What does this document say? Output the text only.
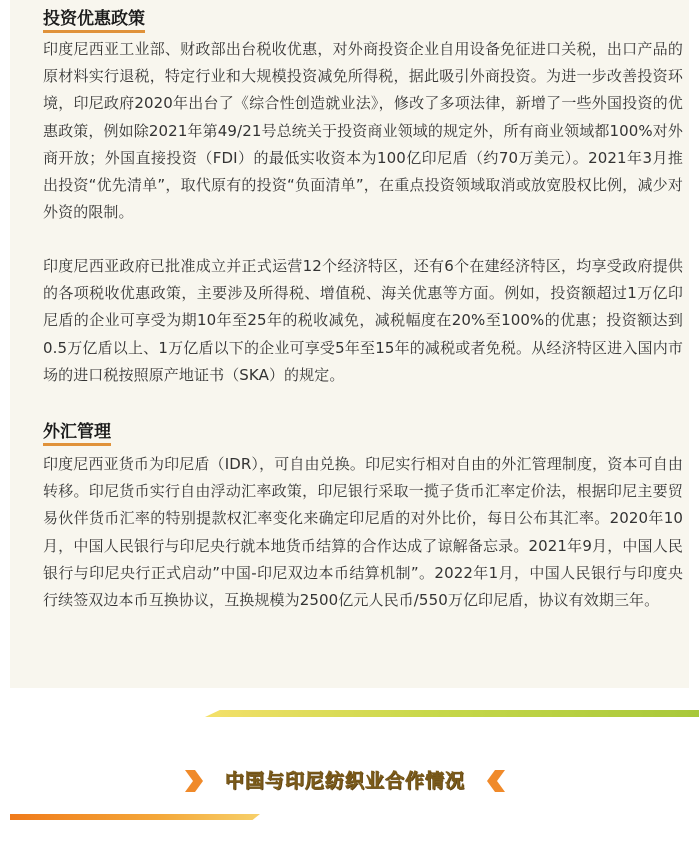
投资优惠政策
印度尼西亚工业部、财政部出台税收优惠，对外商投资企业自用设备免征进口关税，出口产品的原材料实行退税，特定行业和大规模投资减免所得税，据此吸引外商投资。为进一步改善投资环境，印尼政府2020年出台了《综合性创造就业法》，修改了多项法律，新增了一些外国投资的优惠政策，例如除2021年第49/21号总统关于投资商业领域的规定外，所有商业领域都100%对外商开放；外国直接投资（FDI）的最低实收资本为100亿印尼盾（约70万美元）。2021年3月推出投资“优先清单”，取代原有的投资“负面清单”，在重点投资领域取消或放宽股权比例，减少对外资的限制。
印度尼西亚政府已批准成立并正式运营12个经济特区，还有6个在建经济特区，均享受政府提供的各项税收优惠政策，主要涉及所得税、增值税、海关优惠等方面。例如，投资额超过1万亿印尼盾的企业可享受为期10年至25年的税收减免，减税幅度在20%至100%的优惠；投资额达到0.5万亿盾以上、1万亿盾以下的企业可享受5年至15年的减税或者免税。从经济特区进入国内市场的进口税按照原产地证书（SKA）的规定。
外汇管理
印度尼西亚货币为印尼盾（IDR），可自由兑换。印尼实行相对自由的外汇管理制度，资本可自由转移。印尼货币实行自由浮动汇率政策，印尼银行采取一揽子货币汇率定价法，根据印尼主要贸易伙伴货币汇率的特别提款权汇率变化来确定印尼盾的对外比价，每日公布其汇率。2020年10月，中国人民银行与印尼央行就本地货币结算的合作达成了谅解备忘录。2021年9月，中国人民银行与印尼央行正式启动”中国-印尼双边本币结算机制”。2022年1月，中国人民银行与印度央行续签双边本币互换协议，互换规模为2500亿元人民币/550万亿印尼盾，协议有效期三年。
中国与印尼纺织业合作情况
